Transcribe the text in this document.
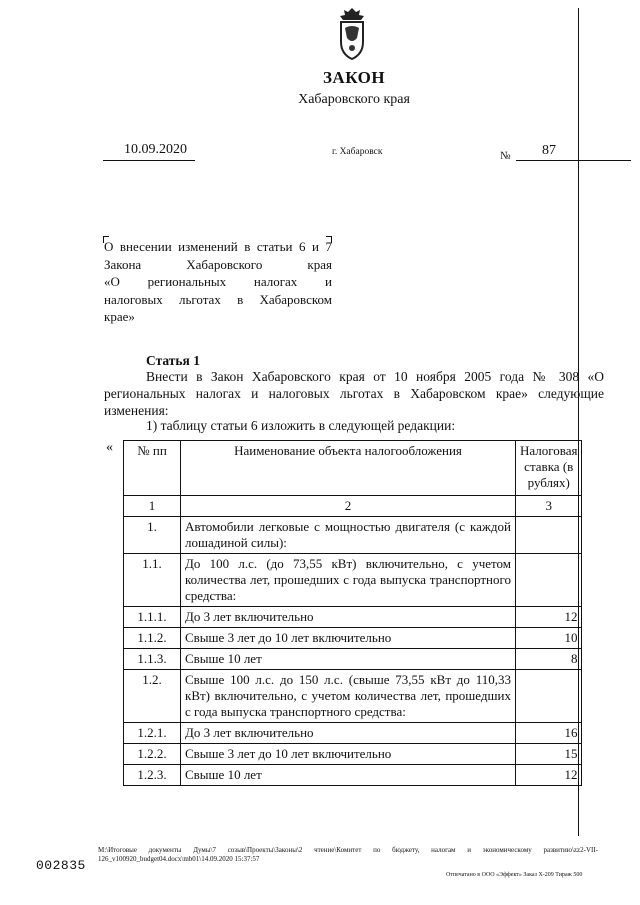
ЗАКОН
Хабаровского края
10.09.2020	г. Хабаровск	№ 87
О внесении изменений в статьи 6 и 7
Закона Хабаровского края
«О региональных налогах и
налоговых льготах в Хабаровском
крае»
Статья 1
Внести в Закон Хабаровского края от 10 ноября 2005 года № 308 «О региональных налогах и налоговых льготах в Хабаровском крае» следующие изменения:
1) таблицу статьи 6 изложить в следующей редакции:
« № пп	Наименование объекта налогообложения	Налоговая ставка (в рублях)
1	2	3
1.	Автомобили легковые с мощностью двигателя (с каждой лошадиной силы):	
1.1.	До 100 л.с. (до 73,55 кВт) включительно, с учетом количества лет, прошедших с года выпуска транспортного средства:	
1.1.1.	До 3 лет включительно	12
1.1.2.	Свыше 3 лет до 10 лет включительно	10
1.1.3.	Свыше 10 лет	8
1.2.	Свыше 100 л.с. до 150 л.с. (свыше 73,55 кВт до 110,33 кВт) включительно, с учетом количества лет, прошедших с года выпуска транспортного средства:	
1.2.1.	До 3 лет включительно	16
1.2.2.	Свыше 3 лет до 10 лет включительно	15
1.2.3.	Свыше 10 лет	12
M:\Итоговые документы Думы\7 созыв\Проекты\Законы\2 чтение\Комитет по бюджету, налогам и экономическому развитию\zz2-VII-126_v100920_budget04.docx\mb01\14.09.2020 15:37:57
002835
Отпечатано в ООО «Эффект» Заказ Х-209 Тираж 500
